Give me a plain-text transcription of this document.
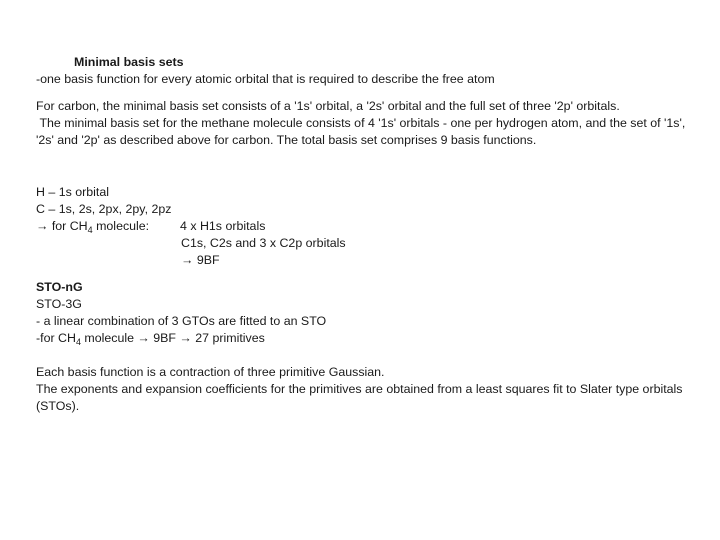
Minimal basis sets
-one basis function for every atomic orbital that is required to describe the free atom
For carbon, the minimal basis set consists of a '1s' orbital, a '2s' orbital and the full set of three '2p' orbitals.
The minimal basis set for the methane molecule consists of 4 '1s' orbitals - one per hydrogen atom, and the set of '1s', '2s' and '2p' as described above for carbon. The total basis set comprises 9 basis functions.
H – 1s orbital
C – 1s, 2s, 2px, 2py, 2pz
→ for $CH_4$ molecule: 4 x H1s orbitals
C1s, C2s and 3 x C2p orbitals
→ 9BF
STO-nG
STO-3G
- a linear combination of 3 GTOs are fitted to an STO
-for $CH_4$ molecule → 9BF → 27 primitives
Each basis function is a contraction of three primitive Gaussian.
The exponents and expansion coefficients for the primitives are obtained from a least squares fit to Slater type orbitals (STOs).
